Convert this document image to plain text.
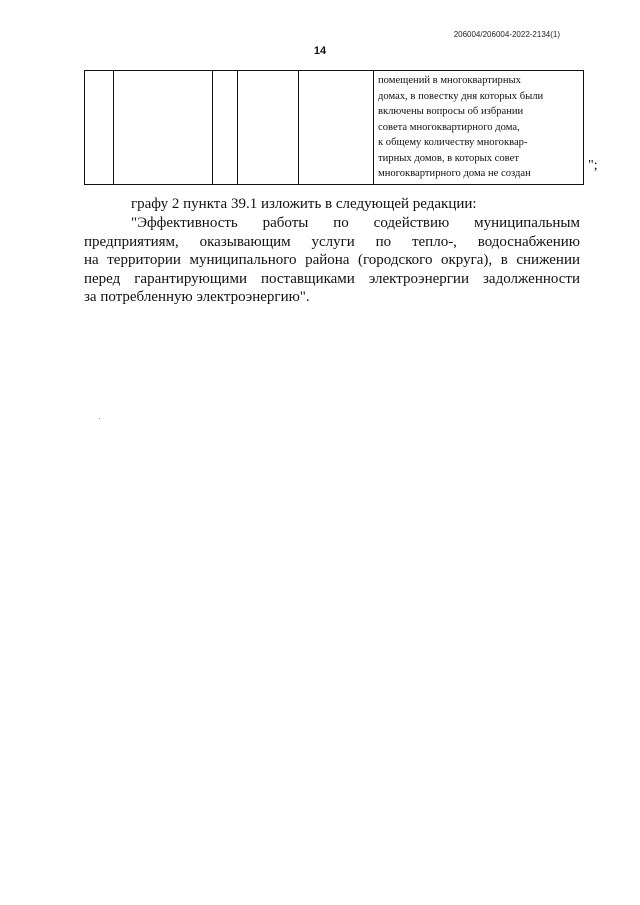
206004/206004-2022-2134(1)
14

помещений в многоквартирных
домах, в повестку дня которых были
включены вопросы об избрании
совета многоквартирного дома,
к общему количеству многоквар-
тирных домов, в которых совет
многоквартирного дома не создан
";
графу 2 пункта 39.1 изложить в следующей редакции:
"Эффективность работы по содействию муниципальным
предприятиям, оказывающим услуги по тепло-, водоснабжению
на территории муниципального района (городского округа), в снижении
перед гарантирующими поставщиками электроэнергии задолженности
за потребленную электроэнергию".
